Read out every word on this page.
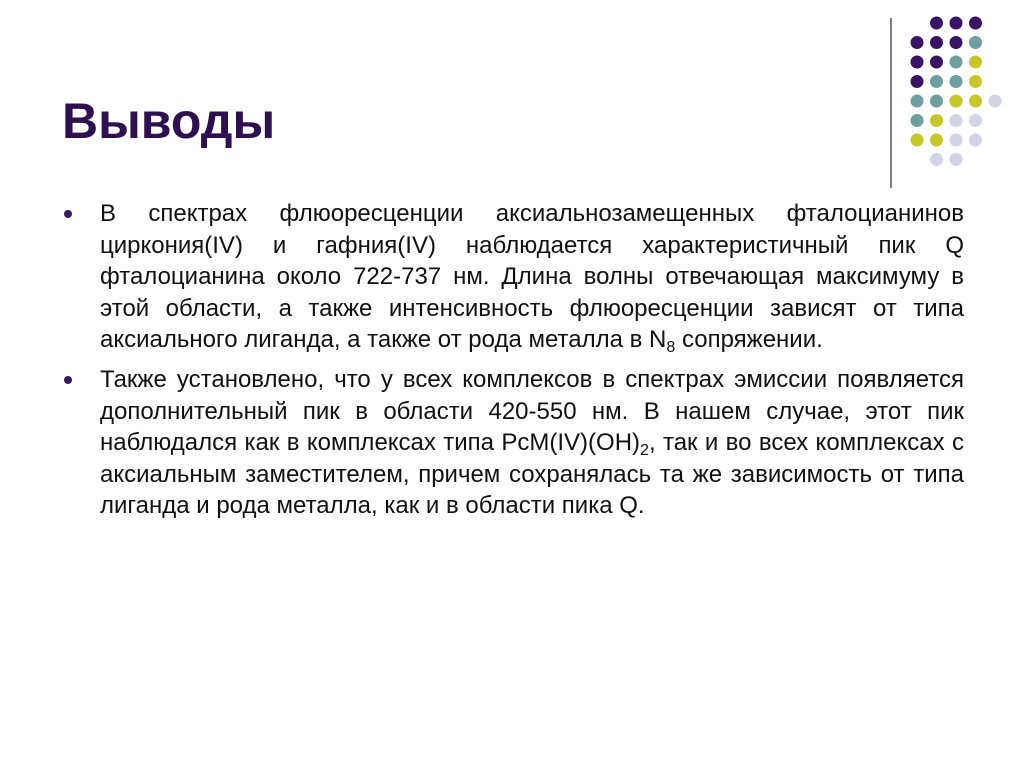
Выводы
В спектрах флюоресценции аксиальнозамещенных фталоцианинов циркония(IV) и гафния(IV) наблюдается характеристичный пик Q фталоцианина около 722-737 нм. Длина волны отвечающая максимуму в этой области, а также интенсивность флюоресценции зависят от типа аксиального лиганда, а также от рода металла в $N_8$ сопряжении.
Также установлено, что у всех комплексов в спектрах эмиссии появляется дополнительный пик в области 420-550 нм. В нашем случае, этот пик наблюдался как в комплексах типа $PcM(IV)(OH)_2$, так и во всех комплексах с аксиальным заместителем, причем сохранялась та же зависимость от типа лиганда и рода металла, как и в области пика Q.
